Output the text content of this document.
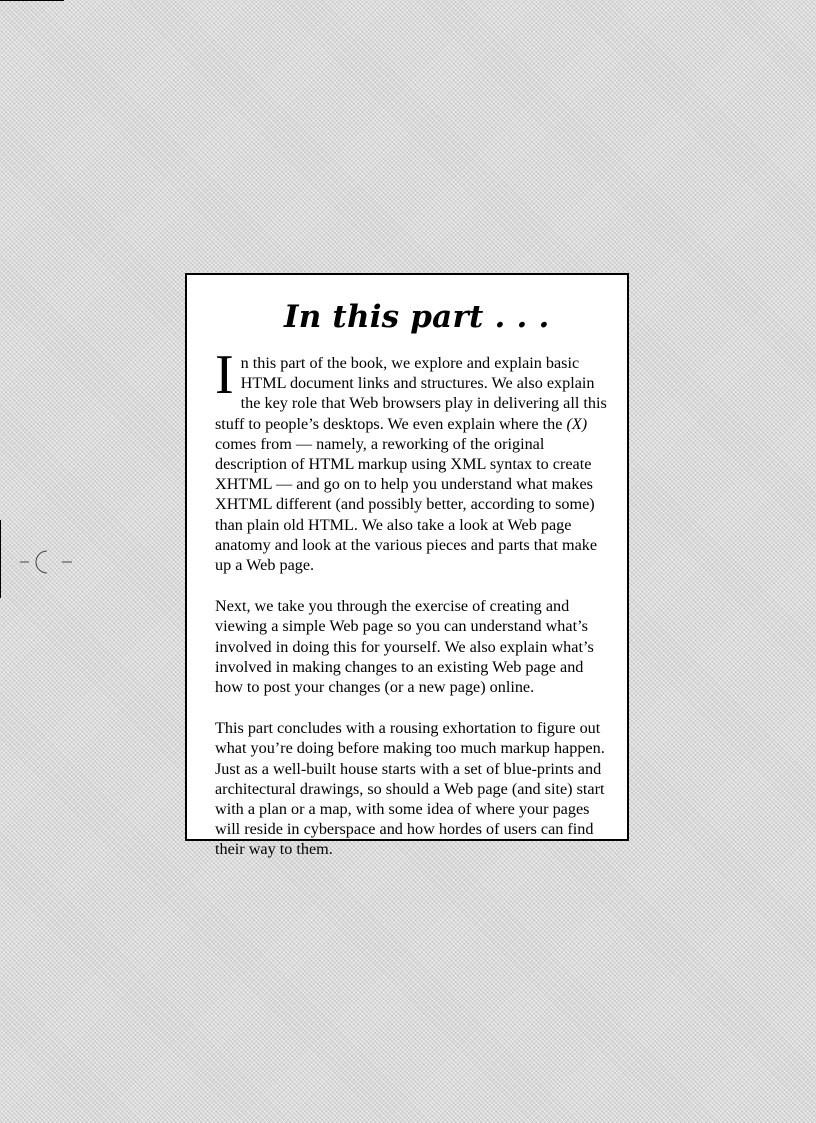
In this part . . .

In this part of the book, we explore and explain basic HTML document links and structures. We also explain the key role that Web browsers play in delivering all this stuff to people’s desktops. We even explain where the (X) comes from — namely, a reworking of the original description of HTML markup using XML syntax to create XHTML — and go on to help you understand what makes XHTML different (and possibly better, according to some) than plain old HTML. We also take a look at Web page anatomy and look at the various pieces and parts that make up a Web page.

Next, we take you through the exercise of creating and viewing a simple Web page so you can understand what’s involved in doing this for yourself. We also explain what’s involved in making changes to an existing Web page and how to post your changes (or a new page) online.

This part concludes with a rousing exhortation to figure out what you’re doing before making too much markup happen. Just as a well-built house starts with a set of blue-prints and architectural drawings, so should a Web page (and site) start with a plan or a map, with some idea of where your pages will reside in cyberspace and how hordes of users can find their way to them.
